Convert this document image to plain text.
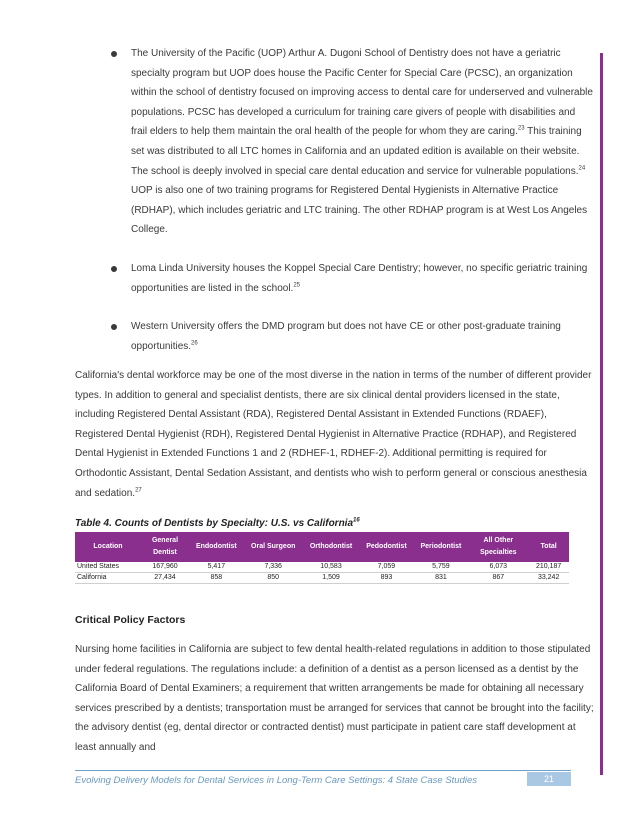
The University of the Pacific (UOP) Arthur A. Dugoni School of Dentistry does not have a geriatric specialty program but UOP does house the Pacific Center for Special Care (PCSC), an organization within the school of dentistry focused on improving access to dental care for underserved and vulnerable populations. PCSC has developed a curriculum for training care givers of people with disabilities and frail elders to help them maintain the oral health of the people for whom they are caring.$^{23}$ This training set was distributed to all LTC homes in California and an updated edition is available on their website. The school is deeply involved in special care dental education and service for vulnerable populations.$^{24}$ UOP is also one of two training programs for Registered Dental Hygienists in Alternative Practice (RDHAP), which includes geriatric and LTC training. The other RDHAP program is at West Los Angeles College.
Loma Linda University houses the Koppel Special Care Dentistry; however, no specific geriatric training opportunities are listed in the school.$^{25}$
Western University offers the DMD program but does not have CE or other post-graduate training opportunities.$^{26}$
California's dental workforce may be one of the most diverse in the nation in terms of the number of different provider types. In addition to general and specialist dentists, there are six clinical dental providers licensed in the state, including Registered Dental Assistant (RDA), Registered Dental Assistant in Extended Functions (RDAEF), Registered Dental Hygienist (RDH), Registered Dental Hygienist in Alternative Practice (RDHAP), and Registered Dental Hygienist in Extended Functions 1 and 2 (RDHEF-1, RDHEF-2). Additional permitting is required for Orthodontic Assistant, Dental Sedation Assistant, and dentists who wish to perform general or conscious anesthesia and sedation.$^{27}$
Table 4. Counts of Dentists by Specialty: U.S. vs California$^{16}$
Location	General Dentist	Endodontist	Oral Surgeon	Orthodontist	Pedodontist	Periodontist	All Other Specialties	Total
United States	167,960	5,417	7,336	10,583	7,059	5,759	6,073	210,187
California	27,434	858	850	1,509	893	831	867	33,242
Critical Policy Factors
Nursing home facilities in California are subject to few dental health-related regulations in addition to those stipulated under federal regulations. The regulations include: a definition of a dentist as a person licensed as a dentist by the California Board of Dental Examiners; a requirement that written arrangements be made for obtaining all necessary services prescribed by a dentists; transportation must be arranged for services that cannot be brought into the facility; the advisory dentist (eg, dental director or contracted dentist) must participate in patient care staff development at least annually and
Evolving Delivery Models for Dental Services in Long-Term Care Settings: 4 State Case Studies	21
